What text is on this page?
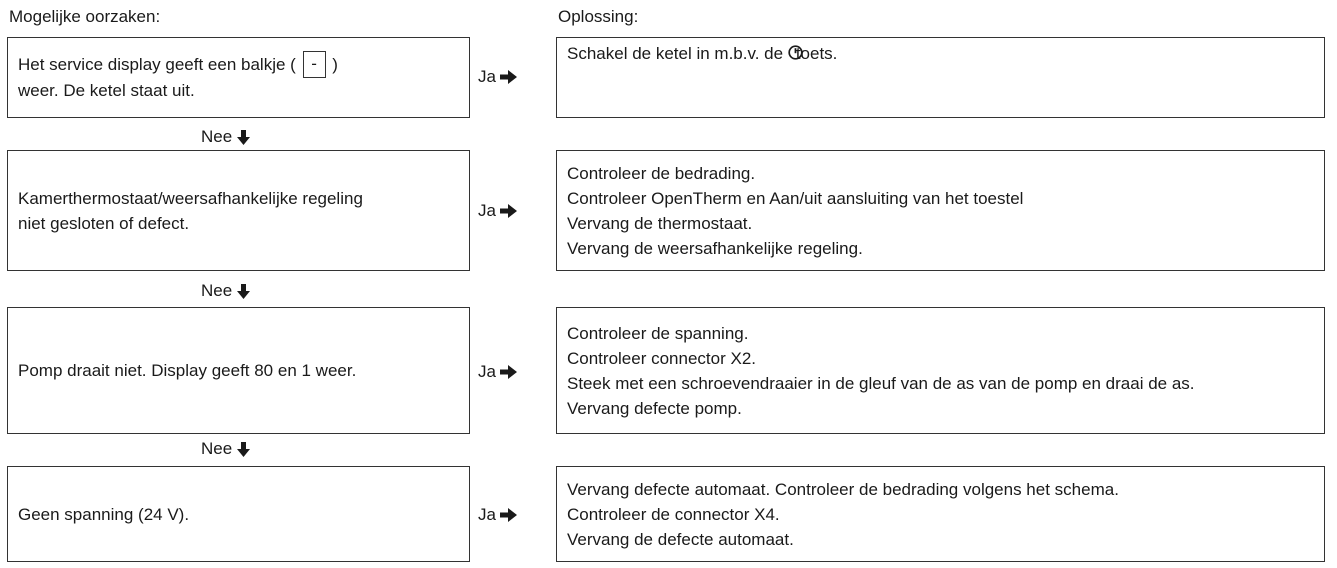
Mogelijke oorzaken:	Oplossing:
Het service display geeft een balkje ( - )
weer. De ketel staat uit.
Ja
Schakel de ketel in m.b.v. de toets.
Nee
Kamerthermostaat/weersafhankelijke regeling
niet gesloten of defect.
Ja
Controleer de bedrading.
Controleer OpenTherm en Aan/uit aansluiting van het toestel
Vervang de thermostaat.
Vervang de weersafhankelijke regeling.
Nee
Pomp draait niet. Display geeft 80 en 1 weer.	Ja
Controleer de spanning.
Controleer connector X2.
Steek met een schroevendraaier in de gleuf van de as van de pomp en draai de as.
Vervang defecte pomp.
Nee
Geen spanning (24 V).	Ja
Vervang defecte automaat. Controleer de bedrading volgens het schema.
Controleer de connector X4.
Vervang de defecte automaat.
